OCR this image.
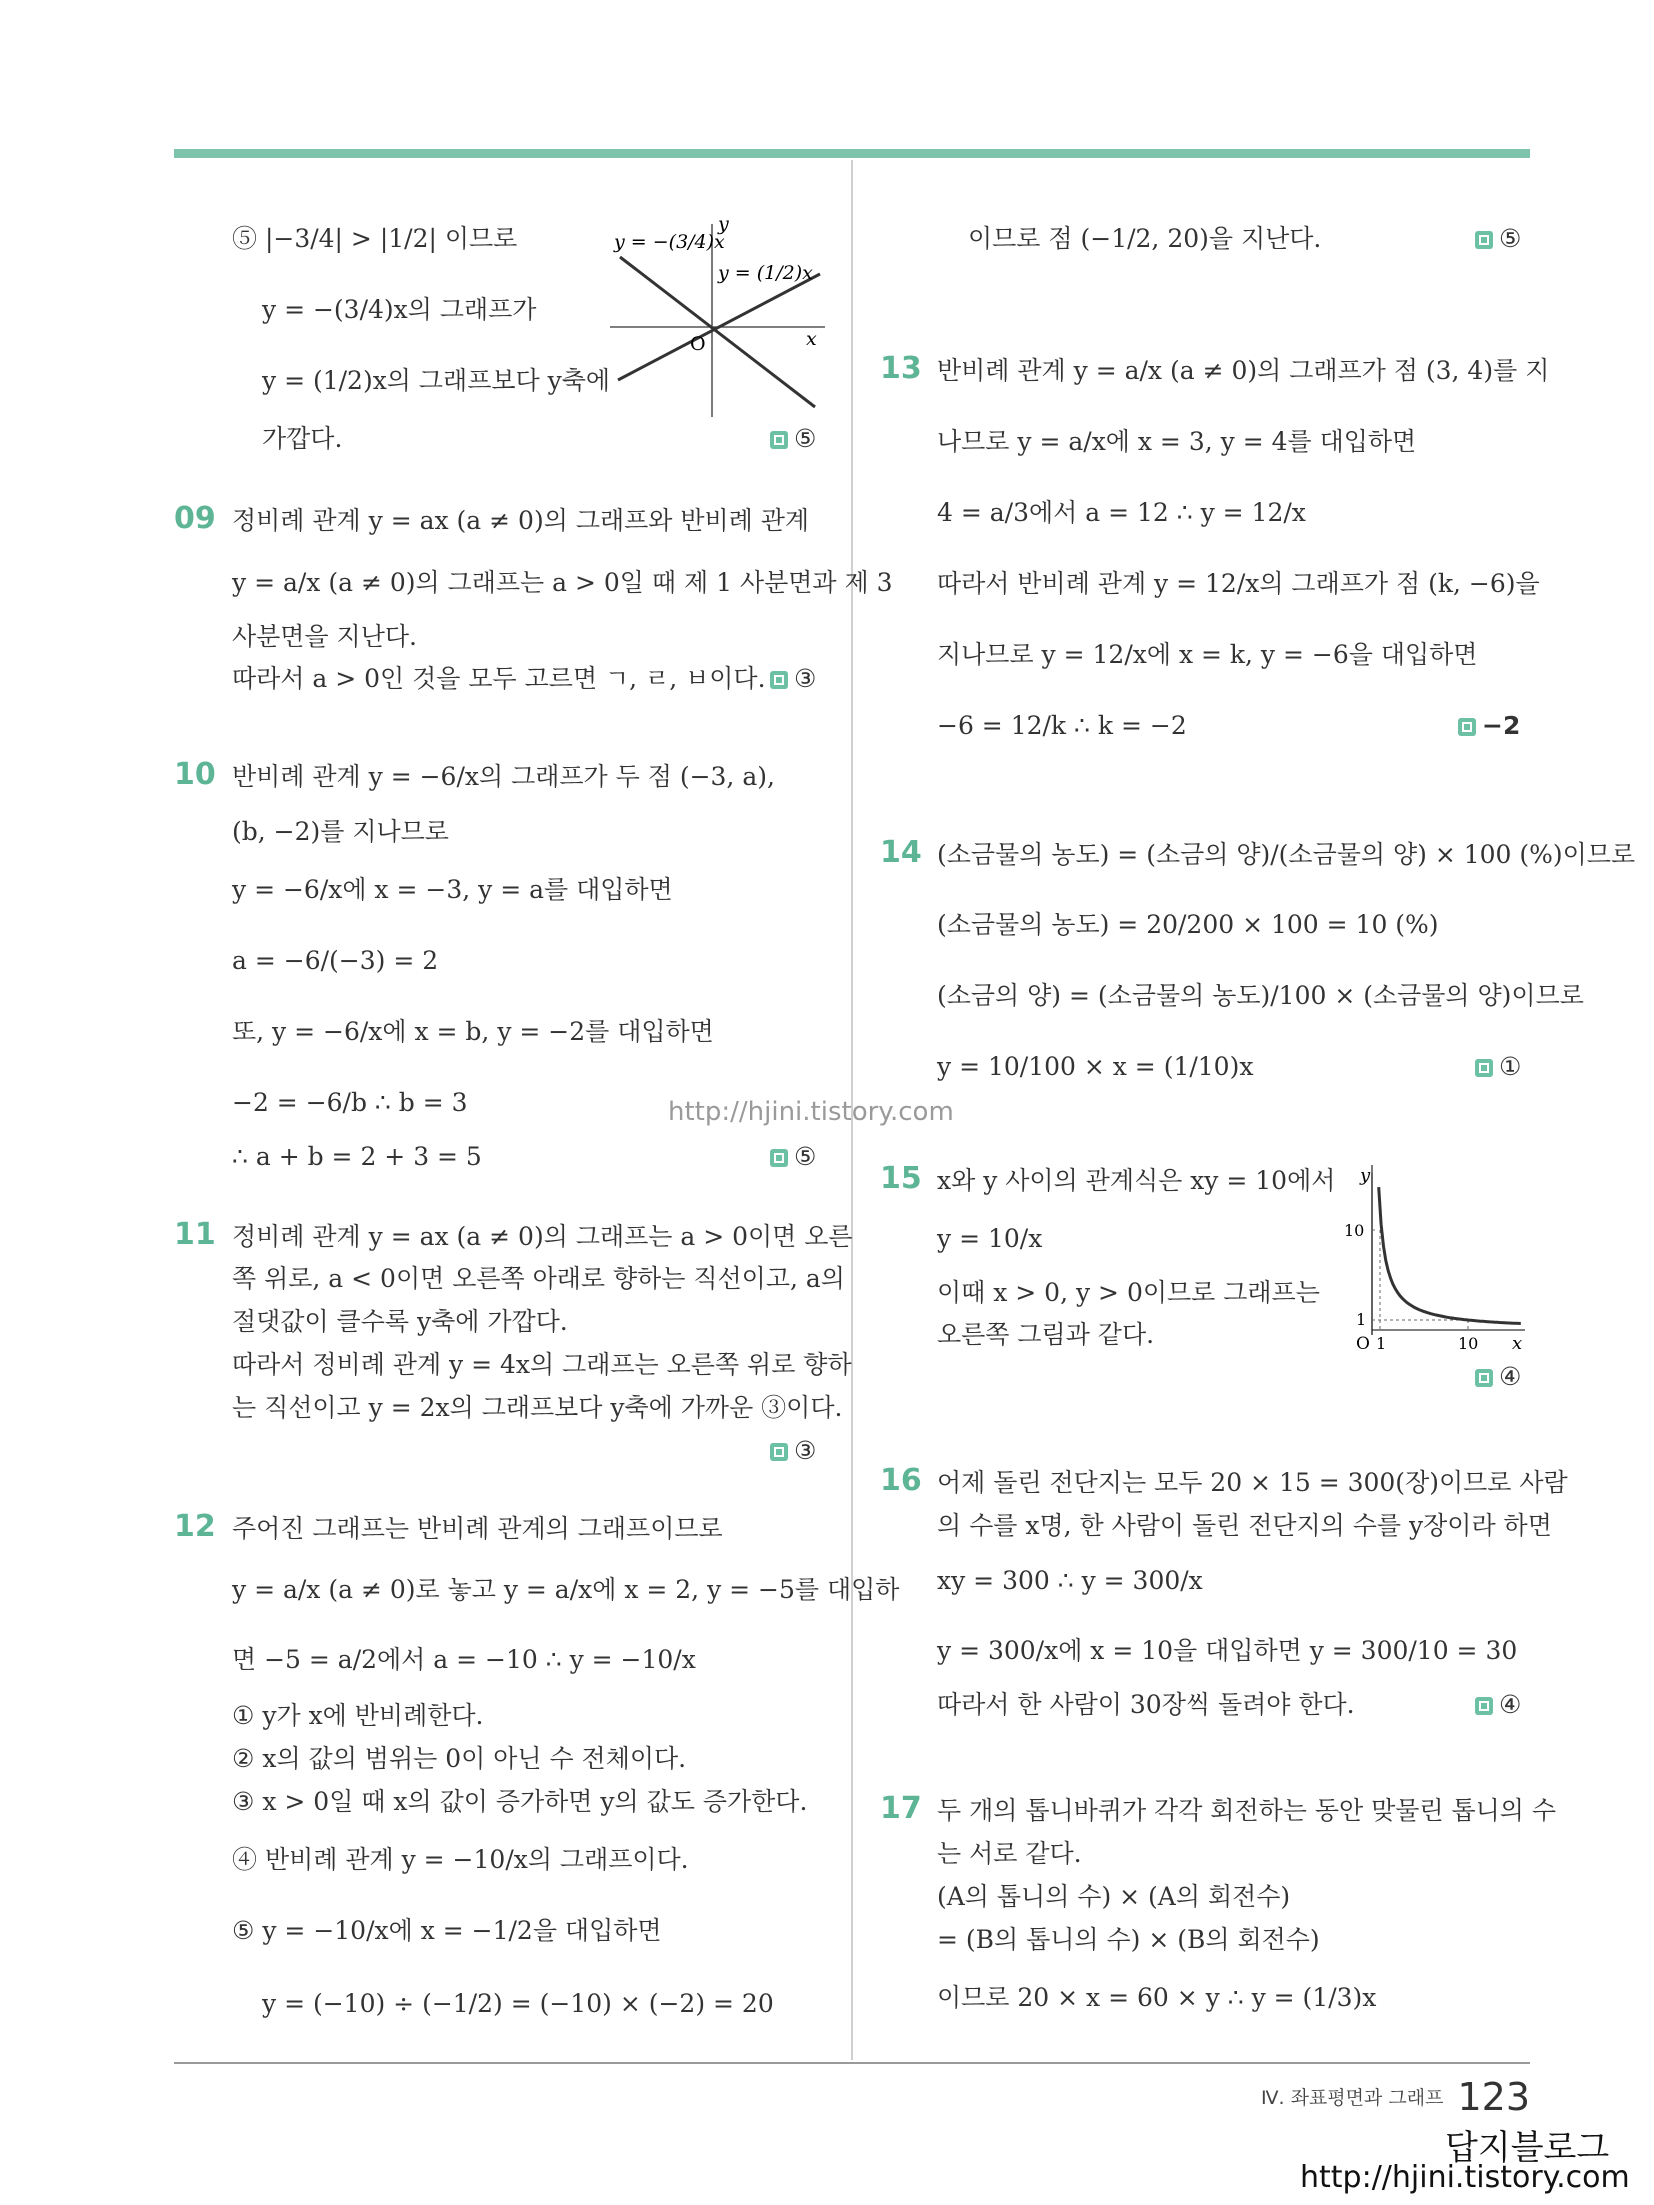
⑤ |−3/4| > |1/2| 이므로
y = −(3/4)x의 그래프가
y = (1/2)x의 그래프보다 y축에
가깝다.
y = −(3/4)x
y = (1/2)x
y
x
O
⑤
09 정비례 관계 y = ax (a ≠ 0)의 그래프와 반비례 관계
y = a/x (a ≠ 0)의 그래프는 a > 0일 때 제 1 사분면과 제 3
사분면을 지난다.
따라서 a > 0인 것을 모두 고르면 ㄱ, ㄹ, ㅂ이다.	③
10 반비례 관계 y = −6/x의 그래프가 두 점 (−3, a),
(b, −2)를 지나므로
y = −6/x에 x = −3, y = a를 대입하면
a = −6/(−3) = 2
또, y = −6/x에 x = b, y = −2를 대입하면
−2 = −6/b ∴ b = 3
∴ a + b = 2 + 3 = 5	⑤
11 정비례 관계 y = ax (a ≠ 0)의 그래프는 a > 0이면 오른
쪽 위로, a < 0이면 오른쪽 아래로 향하는 직선이고, a의
절댓값이 클수록 y축에 가깝다.
따라서 정비례 관계 y = 4x의 그래프는 오른쪽 위로 향하
는 직선이고 y = 2x의 그래프보다 y축에 가까운 ③이다.
③
12 주어진 그래프는 반비례 관계의 그래프이므로
y = a/x (a ≠ 0)로 놓고 y = a/x에 x = 2, y = −5를 대입하
면 −5 = a/2에서 a = −10 ∴ y = −10/x
① y가 x에 반비례한다.
② x의 값의 범위는 0이 아닌 수 전체이다.
③ x > 0일 때 x의 값이 증가하면 y의 값도 증가한다.
④ 반비례 관계 y = −10/x의 그래프이다.
⑤ y = −10/x에 x = −1/2을 대입하면
y = (−10) ÷ (−1/2) = (−10) × (−2) = 20
이므로 점 (−1/2, 20)을 지난다.	⑤
13 반비례 관계 y = a/x (a ≠ 0)의 그래프가 점 (3, 4)를 지
나므로 y = a/x에 x = 3, y = 4를 대입하면
4 = a/3에서 a = 12 ∴ y = 12/x
따라서 반비례 관계 y = 12/x의 그래프가 점 (k, −6)을
지나므로 y = 12/x에 x = k, y = −6을 대입하면
−6 = 12/k ∴ k = −2	−2
14 (소금물의 농도) = (소금의 양)/(소금물의 양) × 100 (%)이므로
(소금물의 농도) = 20/200 × 100 = 10 (%)
(소금의 양) = (소금물의 농도)/100 × (소금물의 양)이므로
y = 10/100 × x = (1/10)x	①
15 x와 y 사이의 관계식은 xy = 10에서
y = 10/x
이때 x > 0, y > 0이므로 그래프는
오른쪽 그림과 같다.
y
x
O
10
1
1	10
④
16 어제 돌린 전단지는 모두 20 × 15 = 300(장)이므로 사람
의 수를 x명, 한 사람이 돌린 전단지의 수를 y장이라 하면
xy = 300 ∴ y = 300/x
y = 300/x에 x = 10을 대입하면 y = 300/10 = 30
따라서 한 사람이 30장씩 돌려야 한다.	④
17 두 개의 톱니바퀴가 각각 회전하는 동안 맞물린 톱니의 수
는 서로 같다.
(A의 톱니의 수) × (A의 회전수)
= (B의 톱니의 수) × (B의 회전수)
이므로 20 × x = 60 × y ∴ y = (1/3)x
Ⅳ. 좌표평면과 그래프 123
http://hjini.tistory.com
답지블로그
http://hjini.tistory.com
